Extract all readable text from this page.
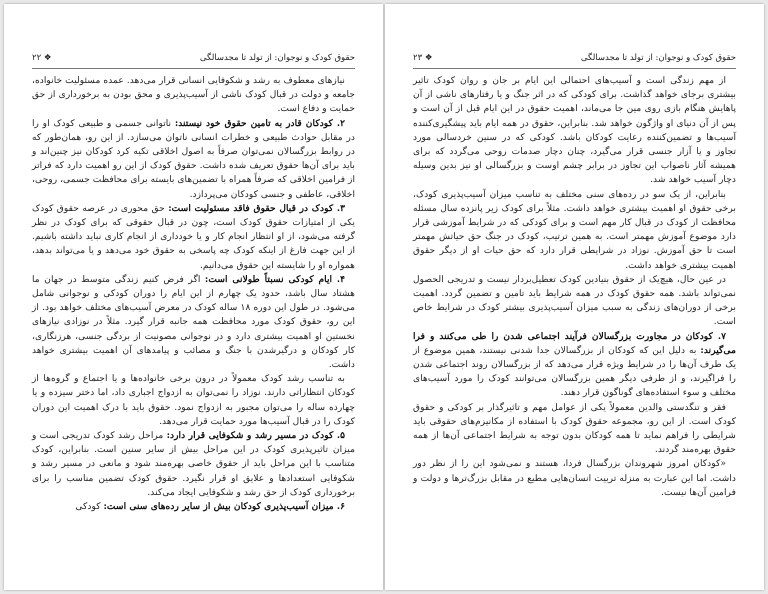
❖ ۲۲	حقوق کودک و نوجوان: از تولد تا مجدسالگی

نیازهای معطوف به رشد و شکوفایی انسانی قرار می‌دهد. عمده مسئولیت خانواده، جامعه و دولت در قبال کودک ناشی از آسیب‌پذیری و محق بودن به برخورداری از حق حمایت و دفاع است.

۲. کودکان قادر به تامین حقوق خود نیستند: ناتوانی جسمی و طبیعی کودک او را در مقابل حوادث طبیعی و خطرات انسانی ناتوان می‌سازد. از این رو، همان‌طور که در روابط بزرگسالان نمی‌توان صرفاً به اصول اخلاقی تکیه کرد کودکان نیز چنین‌اند و باید برای آن‌ها حقوق تعریف شده داشت. حقوق کودک از این رو اهمیت دارد که فراتر از فرامین اخلاقی که صرفاً همراه با تضمین‌های بایسته برای محافظت جسمی، روحی، اخلاقی، عاطفی و جنسی کودکان می‌پردازد.

۳. کودک در قبال حقوق فاقد مسئولیت است: حق محوری در عرصه حقوق کودک یکی از امتیازات حقوق کودک است، چون در قبال حقوقی که برای کودک در نظر گرفته می‌شود، از او انتظار انجام کار و یا خودداری از انجام کاری نباید داشته باشیم. از این جهت فارغ از اینکه کودک چه پاسخی به حقوق خود می‌دهد و یا می‌تواند بدهد، همواره او را شایسته این حقوق می‌دانیم.

۴. ایام کودکی نسبتاً طولانی است: اگر فرض کنیم زندگی متوسط در جهان ما هشتاد سال باشد، حدود یک چهارم از این ایام را دوران کودکی و نوجوانی شامل می‌شود. در طول این دوره ۱۸ ساله کودک در معرض آسیب‌های مختلف خواهد بود. از این رو، حقوق کودک مورد محافظت همه جانبه قرار گیرد. مثلاً در نوزادی نیازهای نخستین او اهمیت بیشتری دارد و در نوجوانی مصونیت از بردگی جنسی، هرزنگاری، کار کودکان و درگیرشدن با جنگ و مصائب و پیامدهای آن اهمیت بیشتری خواهد داشت.

به تناسب رشد کودک معمولاً در درون برخی خانواده‌ها و یا اجتماع و گروه‌ها از کودکان انتظاراتی دارند. نوزاد را نمی‌توان به ازدواج اجباری داد، اما دختر سیزده و یا چهارده ساله را می‌توان مجبور به ازدواج نمود. حقوق باید با درک اهمیت این دوران کودک را در قبال آسیب‌ها مورد حمایت قرار می‌دهد.

۵. کودک در مسیر رشد و شکوفایی قرار دارد: مراحل رشد کودک تدریجی است و میزان تاثیرپذیری کودک در این مراحل بیش از سایر سنین است. بنابراین، کودک متناسب با این مراحل باید از حقوق خاصی بهره‌مند شود و مانعی در مسیر رشد و شکوفایی استعدادها و علایق او قرار نگیرد. حقوق کودک تضمین مناسب را برای برخورداری کودک از حق رشد و شکوفایی ایجاد می‌کند.

۶. میزان آسیب‌پذیری کودکان بیش از سایر رده‌های سنی است: کودکی

❖ ۲۳	حقوق کودک و نوجوان: از تولد تا مجدسالگی

از مهم زندگی است و آسیب‌های احتمالی این ایام بر جان و روان کودک تاثیر بیشتری برجای خواهد گذاشت. برای کودکی که در اثر جنگ و یا رفتارهای ناشی از آن پاهایش هنگام بازی روی مین جا می‌ماند، اهمیت حقوق در این ایام قبل از آن است و پس از آن دنیای او واژگون خواهد شد. بنابراین، حقوق در همه ایام باید پیشگیری‌کننده آسیب‌ها و تضمین‌کننده رعایت کودکان باشد. کودکی که در سنین خردسالی مورد تجاوز و یا آزار جنسی قرار می‌گیرد، چنان دچار صدمات روحی می‌گردد که برای همیشه آثار ناصواب این تجاوز در برابر چشم اوست و بزرگسالی او نیز بدین وسیله دچار آسیب خواهد شد.

بنابراین، از یک سو در رده‌های سنی مختلف به تناسب میزان آسیب‌پذیری کودک، برخی حقوق او اهمیت بیشتری خواهد داشت. مثلاً برای کودک زیر پانزده سال مسئله محافظت از کودک در قبال کار مهم است و برای کودکی که در شرایط آموزشی قرار دارد موضوع آموزش مهمتر است. به همین ترتیب، کودک در جنگ حق حیاتش مهمتر است تا حق آموزش. نوزاد در شرایطی قرار دارد که حق حیات او از دیگر حقوق اهمیت بیشتری خواهد داشت.

در عین حال، هیچ‌یک از حقوق بنیادین کودک تعطیل‌بردار نیست و تدریجی الحصول نمی‌تواند باشد. همه حقوق کودک در همه شرایط باید تامین و تضمین گردد. اهمیت برخی از دوران‌های زندگی به سبب میزان آسیب‌پذیری بیشتر کودک در شرایط خاص است.

۷. کودکان در مجاورت بزرگسالان فرآیند اجتماعی شدن را طی می‌کنند و فرا می‌گیرند: به دلیل این که کودکان از بزرگسالان جدا شدنی نیستند، همین موضوع از یک طرف آن‌ها را در شرایط ویژه قرار می‌دهد که از بزرگسالان روند اجتماعی شدن را فراگیرند، و از طرفی دیگر همین بزرگسالان می‌توانند کودک را مورد آسیب‌های مختلف و سوء استفاده‌های گوناگون قرار دهند.

فقر و تنگدستی والدین معمولاً یکی از عوامل مهم و تاثیرگذار بر کودکی و حقوق کودک است. از این رو، مجموعه حقوق کودک با استفاده از مکانیزم‌های حقوقی باید شرایطی را فراهم نماید تا همه کودکان بدون توجه به شرایط اجتماعی آن‌ها از همه حقوق بهره‌مند گردند.

«کودکان امروز شهروندان بزرگسال فردا، هستند و نمی‌شود این را از نظر دور داشت. اما این عبارت به منزله تربیت انسان‌هایی مطیع در مقابل بزرگ‌ترها و دولت و فرامین آن‌ها نیست.
